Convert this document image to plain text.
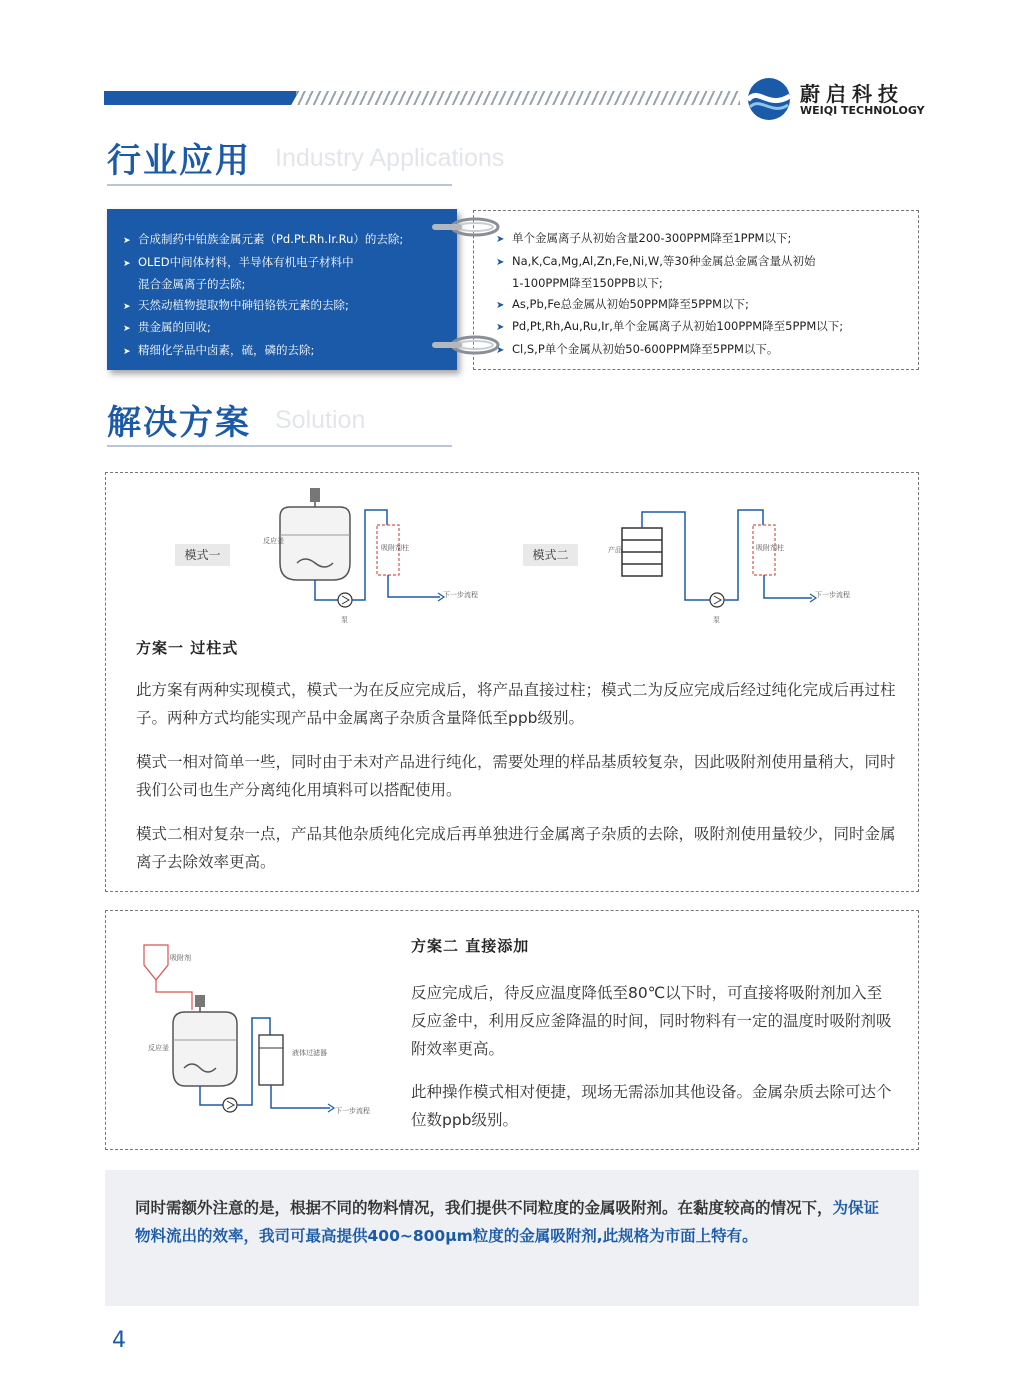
蔚启科技
WEIQI TECHNOLOGY
行业应用 Industry Applications
➤ 合成制药中铂族金属元素（Pd.Pt.Rh.Ir.Ru）的去除;
➤ OLED中间体材料，半导体有机电子材料中
混合金属离子的去除;
➤ 天然动植物提取物中砷铅铬铁元素的去除;
➤ 贵金属的回收;
➤ 精细化学品中卤素，硫，磷的去除;
➤ 单个金属离子从初始含量200-300PPM降至1PPM以下;
➤ Na,K,Ca,Mg,Al,Zn,Fe,Ni,W,等30种金属总金属含量从初始
1-100PPM降至150PPB以下;
➤ As,Pb,Fe总金属从初始50PPM降至5PPM以下;
➤ Pd,Pt,Rh,Au,Ru,Ir,单个金属离子从初始100PPM降至5PPM以下;
➤ Cl,S,P单个金属从初始50-600PPM降至5PPM以下。
解决方案 Solution
模式一	模式二
反应釜
吸附剂柱
下一步流程
泵
产品	吸附剂柱
下一步流程
泵
方案一 过柱式
此方案有两种实现模式，模式一为在反应完成后，将产品直接过柱；模式二为反应完成后经过纯化完成后再过柱子。两种方式均能实现产品中金属离子杂质含量降低至ppb级别。
模式一相对简单一些，同时由于未对产品进行纯化，需要处理的样品基质较复杂，因此吸附剂使用量稍大，同时我们公司也生产分离纯化用填料可以搭配使用。
模式二相对复杂一点，产品其他杂质纯化完成后再单独进行金属离子杂质的去除，吸附剂使用量较少，同时金属离子去除效率更高。
吸附剂
反应釜
液体过滤器
下一步流程
方案二 直接添加
反应完成后，待反应温度降低至80℃以下时，可直接将吸附剂加入至反应釜中，利用反应釜降温的时间，同时物料有一定的温度时吸附剂吸附效率更高。
此种操作模式相对便捷，现场无需添加其他设备。金属杂质去除可达个位数ppb级别。
同时需额外注意的是，根据不同的物料情况，我们提供不同粒度的金属吸附剂。在黏度较高的情况下，为保证物料流出的效率，我司可最高提供400~800μm粒度的金属吸附剂,此规格为市面上特有。
4
